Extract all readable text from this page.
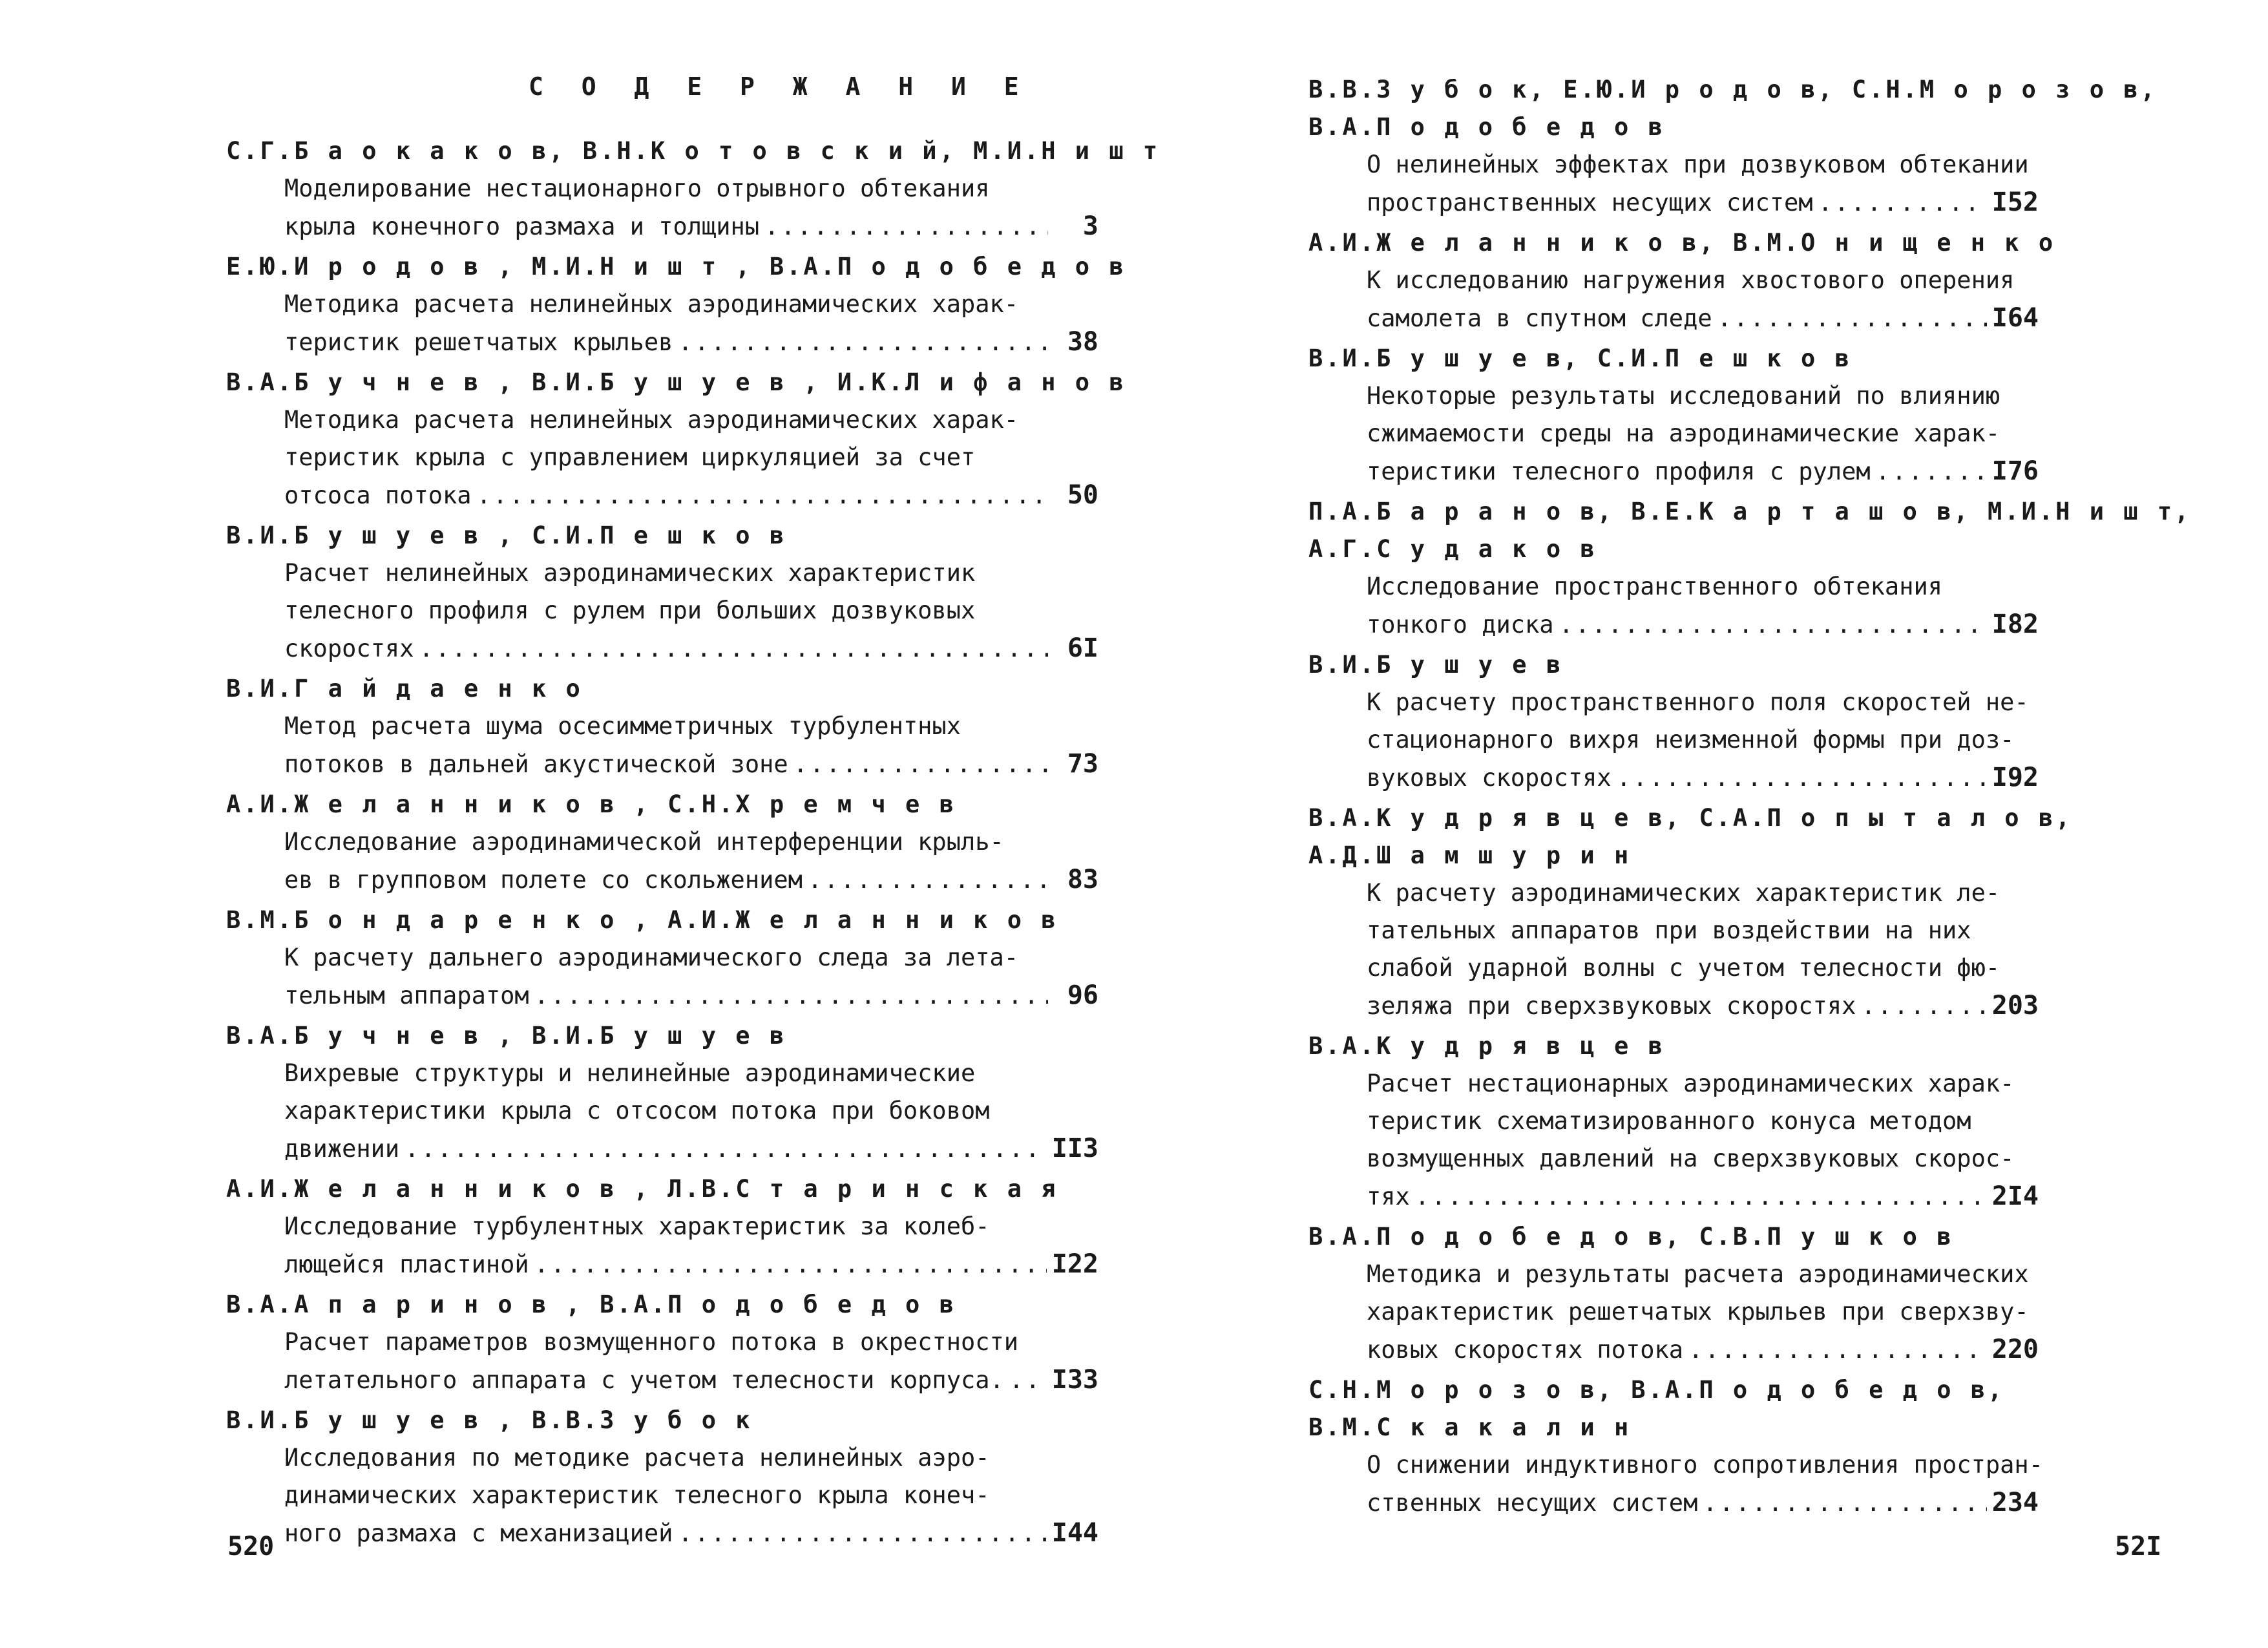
С О Д Е Р Ж А Н И Е
С.Г.Б а о к а к о в, В.Н.К о т о в с к и й, М.И.Н и ш т
Моделирование нестационарного отрывного обтекания
крыла конечного размаха и толщины .....	3
Е.Ю.И р о д о в , М.И.Н и ш т , В.А.П о д о б е д о в
Методика расчета нелинейных аэродинамических харак-
теристик решетчатых крыльев .....	38
В.А.Б у ч н е в , В.И.Б у ш у е в , И.К.Л и ф а н о в
Методика расчета нелинейных аэродинамических харак-
теристик крыла с управлением циркуляцией за счет
отсоса потока .....	50
В.И.Б у ш у е в , С.И.П е ш к о в
Расчет нелинейных аэродинамических характеристик
телесного профиля с рулем при больших дозвуковых
скоростях .....	6I
В.И.Г а й д а е н к о
Метод расчета шума осесимметричных турбулентных
потоков в дальней акустической зоне .....	73
А.И.Ж е л а н н и к о в , С.Н.Х р е м ч е в
Исследование аэродинамической интерференции крыль-
ев в групповом полете со скольжением .....	83
В.М.Б о н д а р е н к о , А.И.Ж е л а н н и к о в
К расчету дальнего аэродинамического следа за лета-
тельным аппаратом .....	96
В.А.Б у ч н е в , В.И.Б у ш у е в
Вихревые структуры и нелинейные аэродинамические
характеристики крыла с отсосом потока при боковом
движении .....	II3
А.И.Ж е л а н н и к о в , Л.В.С т а р и н с к а я
Исследование турбулентных характеристик за колеб-
лющейся пластиной .....	I22
В.А.А п а р и н о в , В.А.П о д о б е д о в
Расчет параметров возмущенного потока в окрестности
летательного аппарата с учетом телесности корпуса. ..... I33
В.И.Б у ш у е в , В.В.З у б о к
Исследования по методике расчета нелинейных аэро-
динамических характеристик телесного крыла конеч-
ного размаха с механизацией .....	I44
520
В.В.З у б о к, Е.Ю.И р о д о в, С.Н.М о р о з о в,
В.А.П о д о б е д о в
О нелинейных эффектах при дозвуковом обтекании
пространственных несущих систем .....	I52
А.И.Ж е л а н н и к о в, В.М.О н и щ е н к о
К исследованию нагружения хвостового оперения
самолета в спутном следе .....	I64
В.И.Б у ш у е в, С.И.П е ш к о в
Некоторые результаты исследований по влиянию
сжимаемости среды на аэродинамические харак-
теристики телесного профиля с рулем .....	I76
П.А.Б а р а н о в, В.Е.К а р т а ш о в, М.И.Н и ш т,
А.Г.С у д а к о в
Исследование пространственного обтекания
тонкого диска .....	I82
В.И.Б у ш у е в
К расчету пространственного поля скоростей не-
стационарного вихря неизменной формы при доз-
вуковых скоростях .....	I92
В.А.К у д р я в ц е в, С.А.П о п ы т а л о в,
А.Д.Ш а м ш у р и н
К расчету аэродинамических характеристик ле-
тательных аппаратов при воздействии на них
слабой ударной волны с учетом телесности фю-
зеляжа при сверхзвуковых скоростях .....	203
В.А.К у д р я в ц е в
Расчет нестационарных аэродинамических харак-
теристик схематизированного конуса методом
возмущенных давлений на сверхзвуковых скорос-
тях .....	2I4
В.А.П о д о б е д о в, С.В.П у ш к о в
Методика и результаты расчета аэродинамических
характеристик решетчатых крыльев при сверхзву-
ковых скоростях потока .....	220
С.Н.М о р о з о в, В.А.П о д о б е д о в,
В.М.С к а к а л и н
О снижении индуктивного сопротивления простран-
ственных несущих систем .....	234
52I
